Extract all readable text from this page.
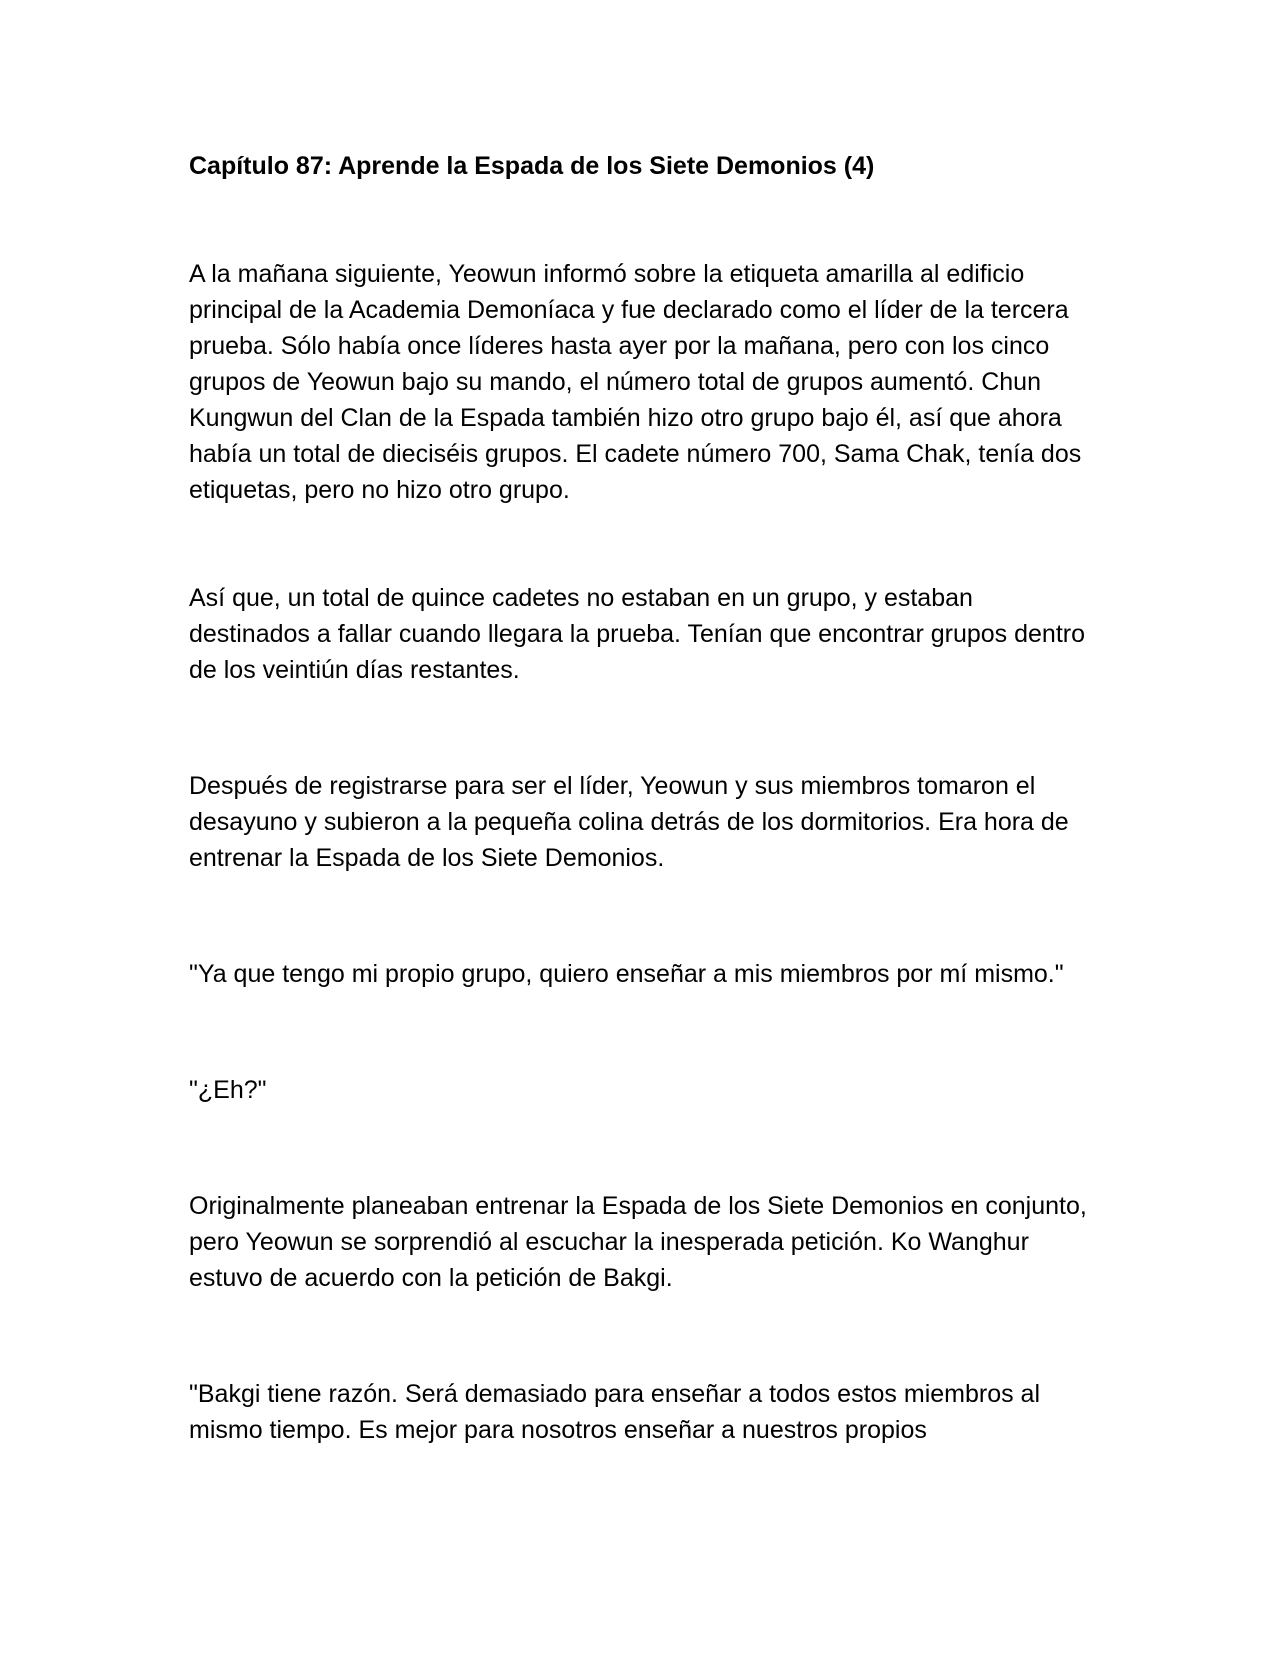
Capítulo 87: Aprende la Espada de los Siete Demonios (4)

A la mañana siguiente, Yeowun informó sobre la etiqueta amarilla al edificio principal de la Academia Demoníaca y fue declarado como el líder de la tercera prueba. Sólo había once líderes hasta ayer por la mañana, pero con los cinco grupos de Yeowun bajo su mando, el número total de grupos aumentó. Chun Kungwun del Clan de la Espada también hizo otro grupo bajo él, así que ahora había un total de dieciséis grupos. El cadete número 700, Sama Chak, tenía dos etiquetas, pero no hizo otro grupo.

Así que, un total de quince cadetes no estaban en un grupo, y estaban destinados a fallar cuando llegara la prueba. Tenían que encontrar grupos dentro de los veintiún días restantes.

Después de registrarse para ser el líder, Yeowun y sus miembros tomaron el desayuno y subieron a la pequeña colina detrás de los dormitorios. Era hora de entrenar la Espada de los Siete Demonios.

"Ya que tengo mi propio grupo, quiero enseñar a mis miembros por mí mismo."

"¿Eh?"

Originalmente planeaban entrenar la Espada de los Siete Demonios en conjunto, pero Yeowun se sorprendió al escuchar la inesperada petición. Ko Wanghur estuvo de acuerdo con la petición de Bakgi.

"Bakgi tiene razón. Será demasiado para enseñar a todos estos miembros al mismo tiempo. Es mejor para nosotros enseñar a nuestros propios
